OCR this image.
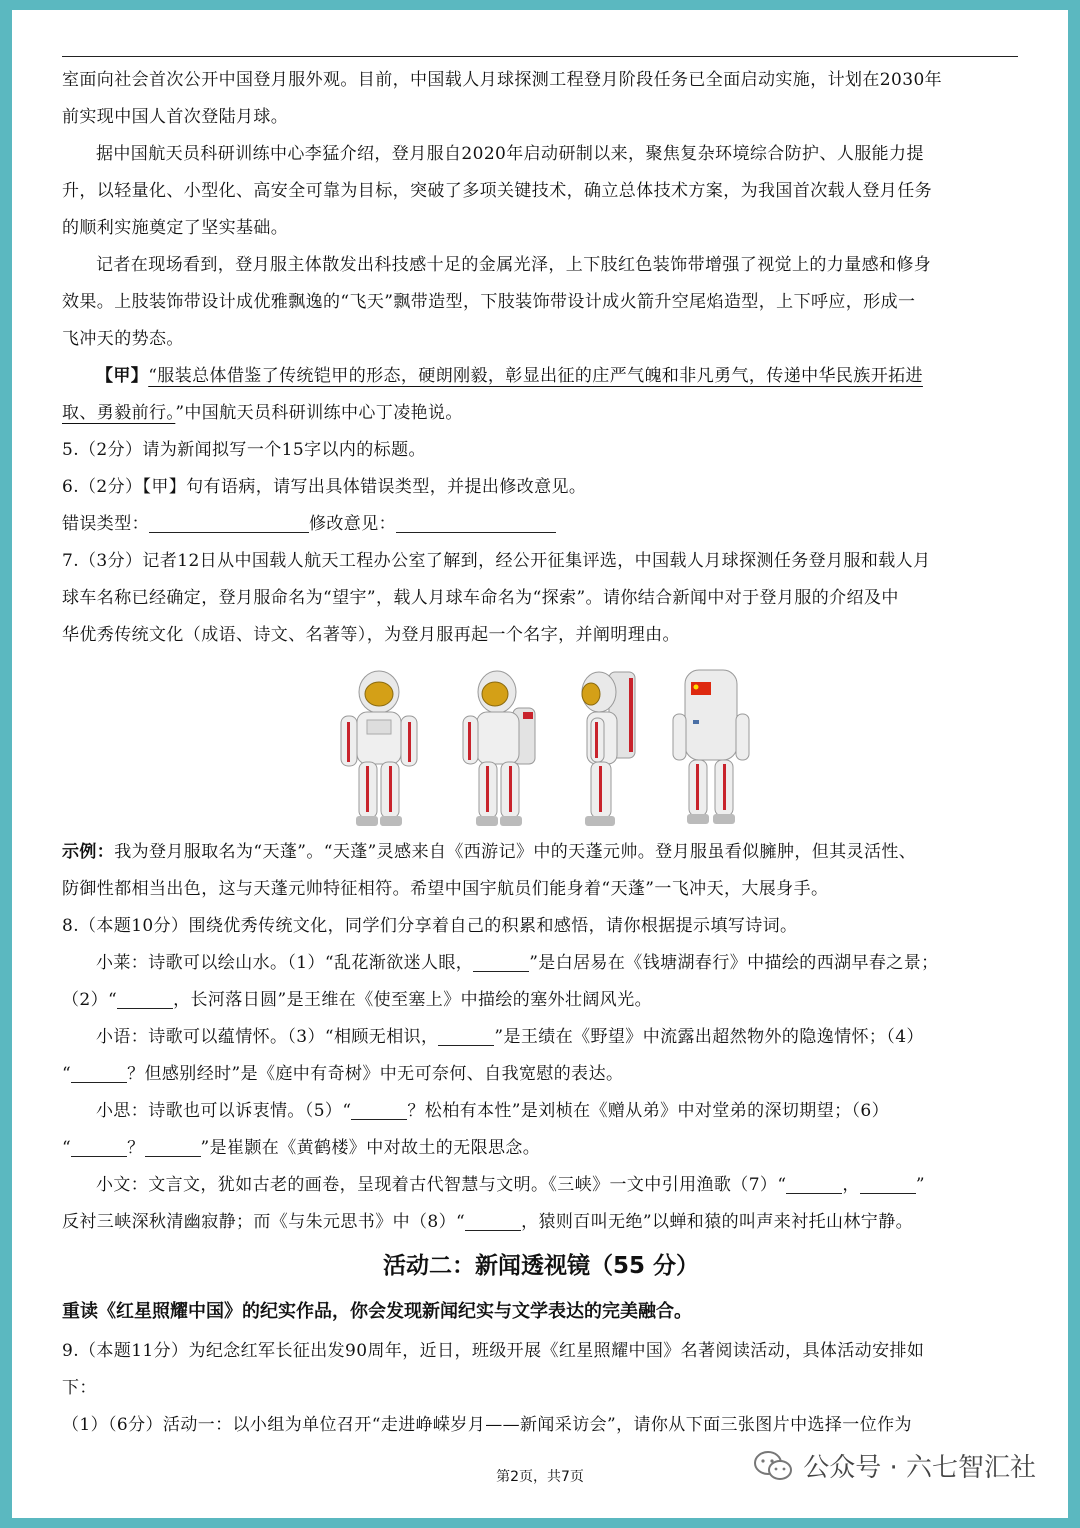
室面向社会首次公开中国登月服外观。目前，中国载人月球探测工程登月阶段任务已全面启动实施，计划在2030年
前实现中国人首次登陆月球。
据中国航天员科研训练中心李猛介绍，登月服自2020年启动研制以来，聚焦复杂环境综合防护、人服能力提
升，以轻量化、小型化、高安全可靠为目标，突破了多项关键技术，确立总体技术方案，为我国首次载人登月任务
的顺利实施奠定了坚实基础。
记者在现场看到，登月服主体散发出科技感十足的金属光泽，上下肢红色装饰带增强了视觉上的力量感和修身
效果。上肢装饰带设计成优雅飘逸的“飞天”飘带造型，下肢装饰带设计成火箭升空尾焰造型，上下呼应，形成一
飞冲天的势态。
【甲】“服装总体借鉴了传统铠甲的形态，硬朗刚毅，彰显出征的庄严气魄和非凡勇气，传递中华民族开拓进
取、勇毅前行。”中国航天员科研训练中心丁凌艳说。
5.（2分）请为新闻拟写一个15字以内的标题。
6.（2分）【甲】句有语病，请写出具体错误类型，并提出修改意见。
错误类型：	修改意见：
7.（3分）记者12日从中国载人航天工程办公室了解到，经公开征集评选，中国载人月球探测任务登月服和载人月
球车名称已经确定，登月服命名为“望宇”，载人月球车命名为“探索”。请你结合新闻中对于登月服的介绍及中
华优秀传统文化（成语、诗文、名著等），为登月服再起一个名字，并阐明理由。
示例：我为登月服取名为“天蓬”。“天蓬”灵感来自《西游记》中的天蓬元帅。登月服虽看似臃肿，但其灵活性、
防御性都相当出色，这与天蓬元帅特征相符。希望中国宇航员们能身着“天蓬”一飞冲天，大展身手。
8.（本题10分）围绕优秀传统文化，同学们分享着自己的积累和感悟，请你根据提示填写诗词。
小莱：诗歌可以绘山水。（1）“乱花渐欲迷人眼，	”是白居易在《钱塘湖春行》中描绘的西湖早春之景；
（2）“	，长河落日圆”是王维在《使至塞上》中描绘的塞外壮阔风光。
小语：诗歌可以蕴情怀。（3）“相顾无相识，	”是王绩在《野望》中流露出超然物外的隐逸情怀；（4）
“	？但感别经时”是《庭中有奇树》中无可奈何、自我宽慰的表达。
小思：诗歌也可以诉衷情。（5）“	？松柏有本性”是刘桢在《赠从弟》中对堂弟的深切期望；（6）
“	？	”是崔颢在《黄鹤楼》中对故土的无限思念。
小文：文言文，犹如古老的画卷，呈现着古代智慧与文明。《三峡》一文中引用渔歌（7）“	，	”
反衬三峡深秋清幽寂静；而《与朱元思书》中（8）“	，猿则百叫无绝”以蝉和猿的叫声来衬托山林宁静。
活动二：新闻透视镜（55 分）
重读《红星照耀中国》的纪实作品，你会发现新闻纪实与文学表达的完美融合。
9.（本题11分）为纪念红军长征出发90周年，近日，班级开展《红星照耀中国》名著阅读活动，具体活动安排如
下：
（1）（6分）活动一：以小组为单位召开“走进峥嵘岁月——新闻采访会”，请你从下面三张图片中选择一位作为
第2页，共7页	公众号 · 六七智汇社
